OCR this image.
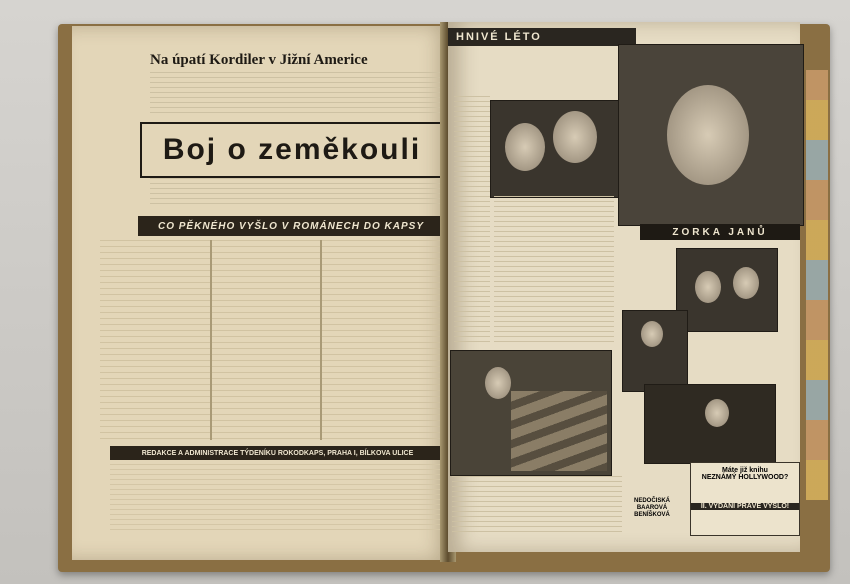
Na úpatí Kordiler v Jižní Americe
Boj o zeměkouli
CO PĚKNÉHO VYŠLO V ROMÁNECH DO KAPSY
REDAKCE A ADMINISTRACE TÝDENÍKU ROKODKAPS, PRAHA I, BÍLKOVA ULICE
HNIVÉ LÉTO
ZORKA JANŮ
NEDOČISKÁ BAAROVÁ BENÍŠKOVÁ
Máte již knihu
NEZNÁMÝ HOLLYWOOD?
II. VYDÁNÍ PRÁVĚ VYŠLO!
